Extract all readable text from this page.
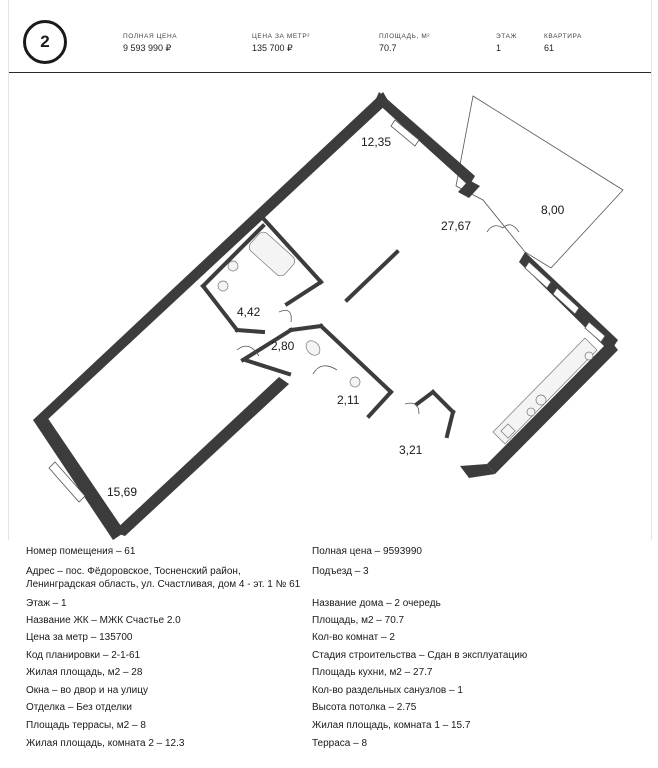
2	ПОЛНАЯ ЦЕНА
9 593 990 ₽
ЦЕНА ЗА МЕТР²
135 700 ₽
ПЛОЩАДЬ, М²
70.7
ЭТАЖ
1
КВАРТИРА
61
12,35
8,00
27,67
4,42
2,80
2,11
3,21
15,69
Номер помещения – 61
Адрес – пос. Фёдоровское, Тосненский район,
Ленинградская область, ул. Счастливая, дом 4 - эт. 1 № 61
Этаж – 1
Название ЖК – МЖК Счастье 2.0
Цена за метр – 135700
Код планировки – 2-1-61
Жилая площадь, м2 – 28
Окна – во двор и на улицу
Отделка – Без отделки
Площадь террасы, м2 – 8
Жилая площадь, комната 2 – 12.3
Полная цена – 9593990
Подъезд – 3
Название дома – 2 очередь
Площадь, м2 – 70.7
Кол-во комнат – 2
Стадия строительства – Сдан в эксплуатацию
Площадь кухни, м2 – 27.7
Кол-во раздельных санузлов – 1
Высота потолка – 2.75
Жилая площадь, комната 1 – 15.7
Терраса – 8
